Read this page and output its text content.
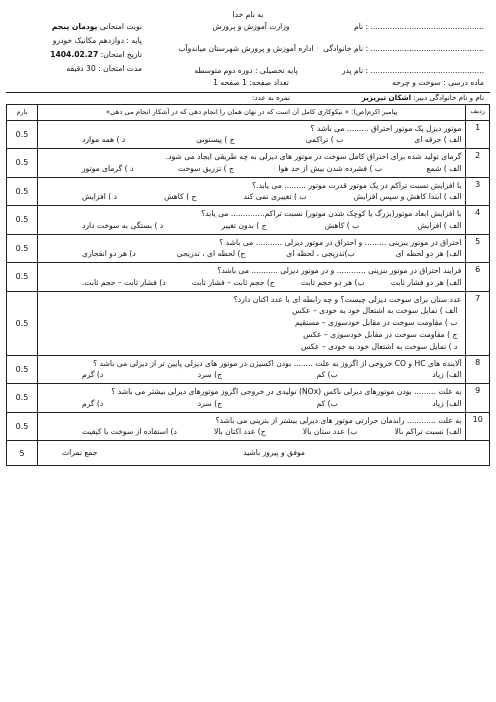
به نام خدا
نام : ...............................................
نام خانوادگی : ...............................................
نام پدر : ...............................................
وزارت آموزش و پرورش
اداره آموزش و پرورش شهرستان میاندوآب
پایه تحصیلی : دوره دوم متوسطه
نوبت امتحانی پودمان پنجم
پایه : دوازدهم مکانیک خودرو
تاریخ امتحان: 1404.02.27
مدت امتحان : 30 دقیقه
تعداد صفحه: 1 صفحه 1	ماده درسی : سوخت و چرخه
نام و نام خانوادگی دبیر: اشکان تبریزیر
نمره به عدد:
ردیف	پیامبر اکرم(ص): « نیکوکاری کامل آن است که در نهان همان را انجام دهی که در آشکار انجام می دهی»	بارم
1	موتور دیزل یک موتور احتراق ......... می باشد ؟
الف ) جرقه ای
ب ) تراکمی
ج ) پیستونی
د ) همه موارد	0.5
2	گرمای تولید شده برای احتراق کامل سوخت در موتور های دیزلی به چه طریقی ایجاد می شود.
الف ) شمع
ب ) فشرده شدن بیش از حد هوا
ج ) تزریق سوخت
د ) گرمای موتور	0.5
3	با افزایش نسبت تراکم در یک موتور قدرت موتور ......... می یابد.؟
الف ) ابتدا کاهش و سپس افزایش
ب ) تغییری نمی کند
ج ) کاهش
د ) افزایش	0.5
4	با افزایش ابعاد موتور(بزرگ یا کوچک شدن موتور) نسبت تراکم.............. می یابد؟
الف ) افزایش
ب ) کاهش
ج ) بدون تغییر
د ) بستگی به سوخت دارد	0.5
5	احتراق در موتور بنزینی ......... و احتراق در موتور دیزلی ........... می باشد ؟
الف) هر دو لحظه ای
ب)تدریجی ، لحظه ای
ج) لحظه ای ، تدریجی
د) هر دو انفجاری	0.5
6	فرایند احتراق در موتور بنزینی ............ و در موتور دیزلی ........... می باشد؟
الف) هر دو فشار ثابت
ب) هر دو حجم ثابت
ج) حجم ثابت – فشار ثابت
د) فشار ثابت – حجم ثابت.	0.5
7	عدد ستان برای سوخت دیزلی چیست؟ و چه رابطه ای با عدد اکتان دارد؟
الف ) تمایل سوخت به اشتعال خود به خودی – عکس
ب ) مقاومت سوخت در مقابل خودسوزی – مستقیم
ج ) مقاومت سوخت در مقابل خودسوزی – عکس
د ) تمایل سوخت به اشتعال خود به خودی – عکس	0.5
8	آلاینده های HC و CO خروجی از اگزوز به علت ........ بودن اکسیژن در موتور های دیزلی پایین تر از دیزلی می باشد ؟
الف) زیاد
ب) کم
ج) سرد
د) گرم	0.5
9	به علت ......... بودن موتورهای دیزلی ناکس (NOx) تولیدی در خروجی اگزوز موتورهای دیزلی بیشتر می باشد ؟
الف) زیاد
ب) کم
ج) سرد
د) گرم	0.5
10	به علت ............ راندمان حرارتی موتور های دیزلی بیشتر از بنزینی می باشد؟
الف) نسبت تراکم بالا
ب) عدد ستان بالا
ج) عدد اکتان بالا
د) استفاده از سوخت با کیفیت	0.5

جمع نمرات موفق و پیروز باشید		5
